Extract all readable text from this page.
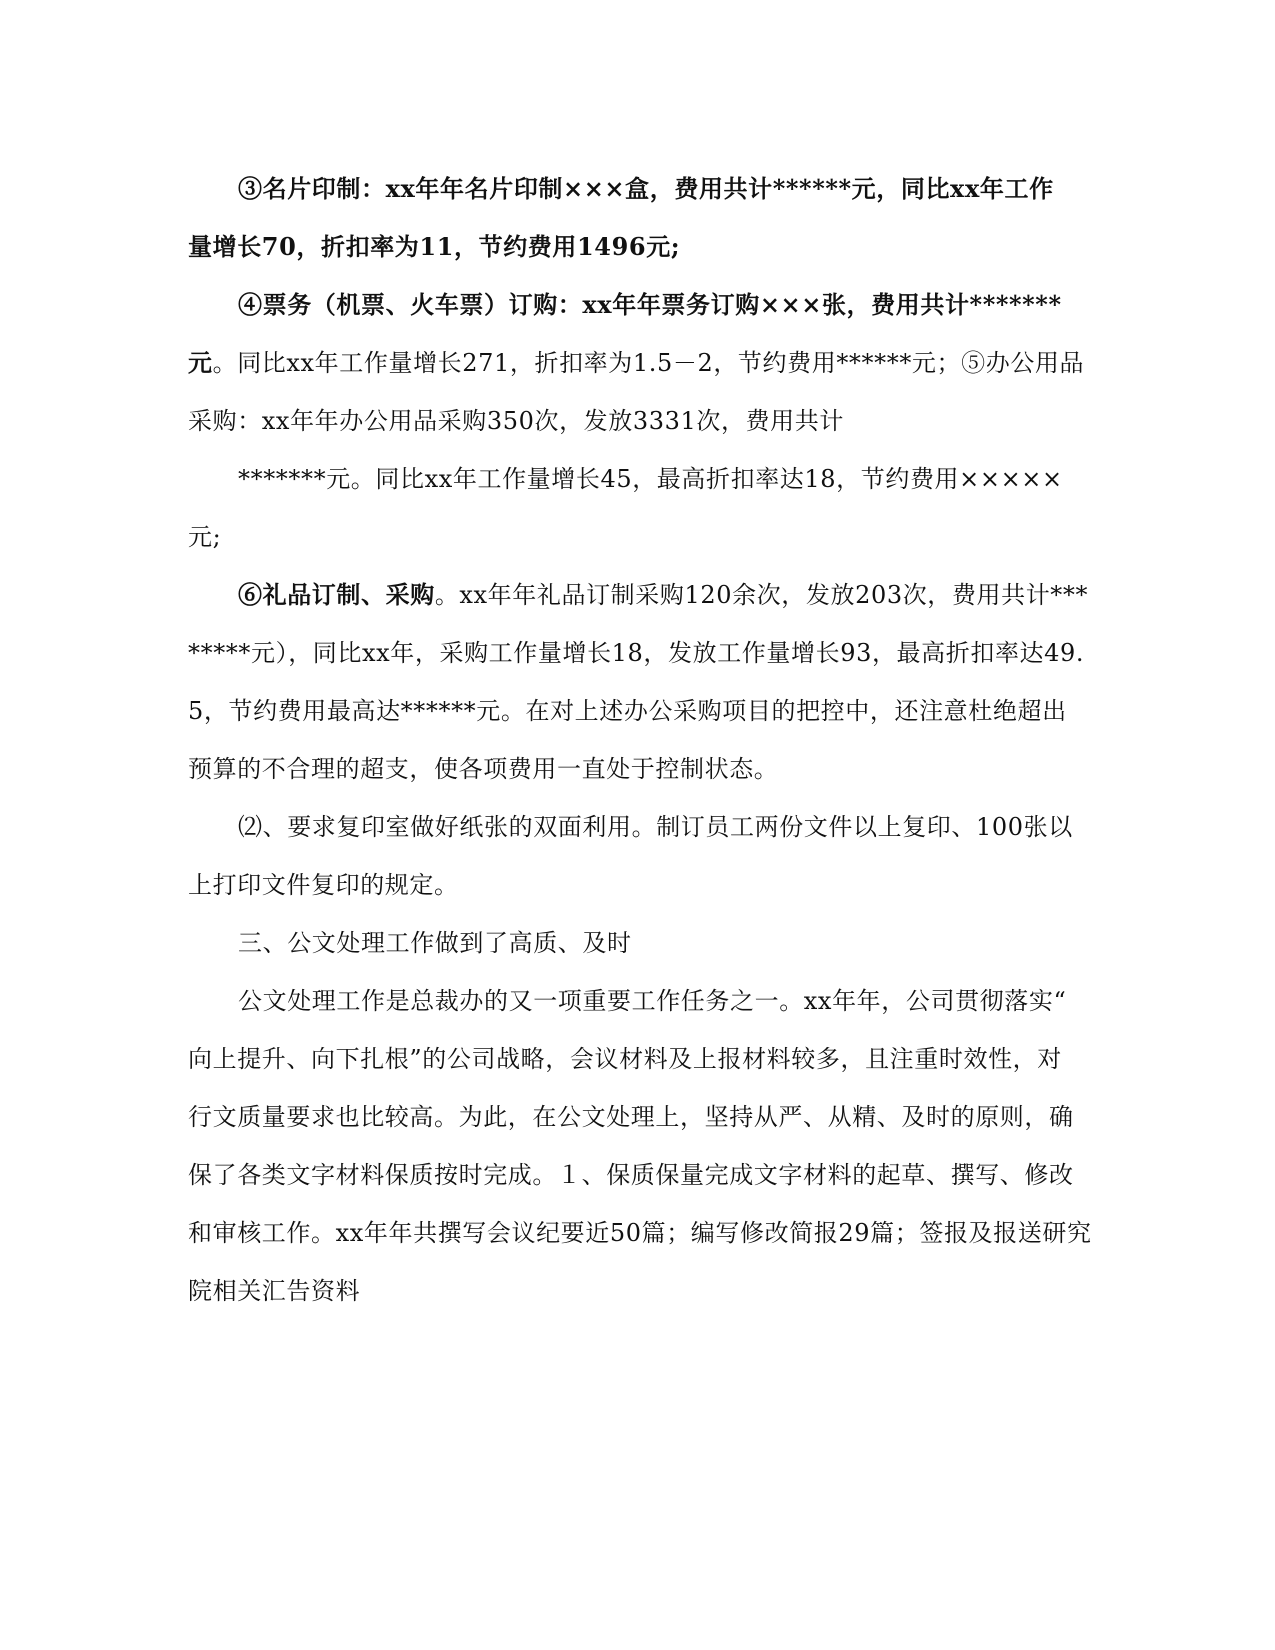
③名片印制：xx年年名片印制×××盒，费用共计******元，同比xx年工作
量增长70，折扣率为11，节约费用1496元;
④票务（机票、火车票）订购：xx年年票务订购×××张，费用共计*******
元。同比xx年工作量增长271，折扣率为1.5－2，节约费用******元；⑤办公用品
采购：xx年年办公用品采购350次，发放3331次，费用共计
*******元。同比xx年工作量增长45，最高折扣率达18，节约费用×××××
元;
⑥礼品订制、采购。xx年年礼品订制采购120余次，发放203次，费用共计***
*****元），同比xx年，采购工作量增长18，发放工作量增长93，最高折扣率达49.
5，节约费用最高达******元。在对上述办公采购项目的把控中，还注意杜绝超出
预算的不合理的超支，使各项费用一直处于控制状态。
⑵、要求复印室做好纸张的双面利用。制订员工两份文件以上复印、100张以
上打印文件复印的规定。
三、公文处理工作做到了高质、及时
公文处理工作是总裁办的又一项重要工作任务之一。xx年年，公司贯彻落实“
向上提升、向下扎根”的公司战略，会议材料及上报材料较多，且注重时效性，对
行文质量要求也比较高。为此，在公文处理上，坚持从严、从精、及时的原则，确
保了各类文字材料保质按时完成。１、保质保量完成文字材料的起草、撰写、修改
和审核工作。xx年年共撰写会议纪要近50篇；编写修改简报29篇；签报及报送研究
院相关汇告资料
